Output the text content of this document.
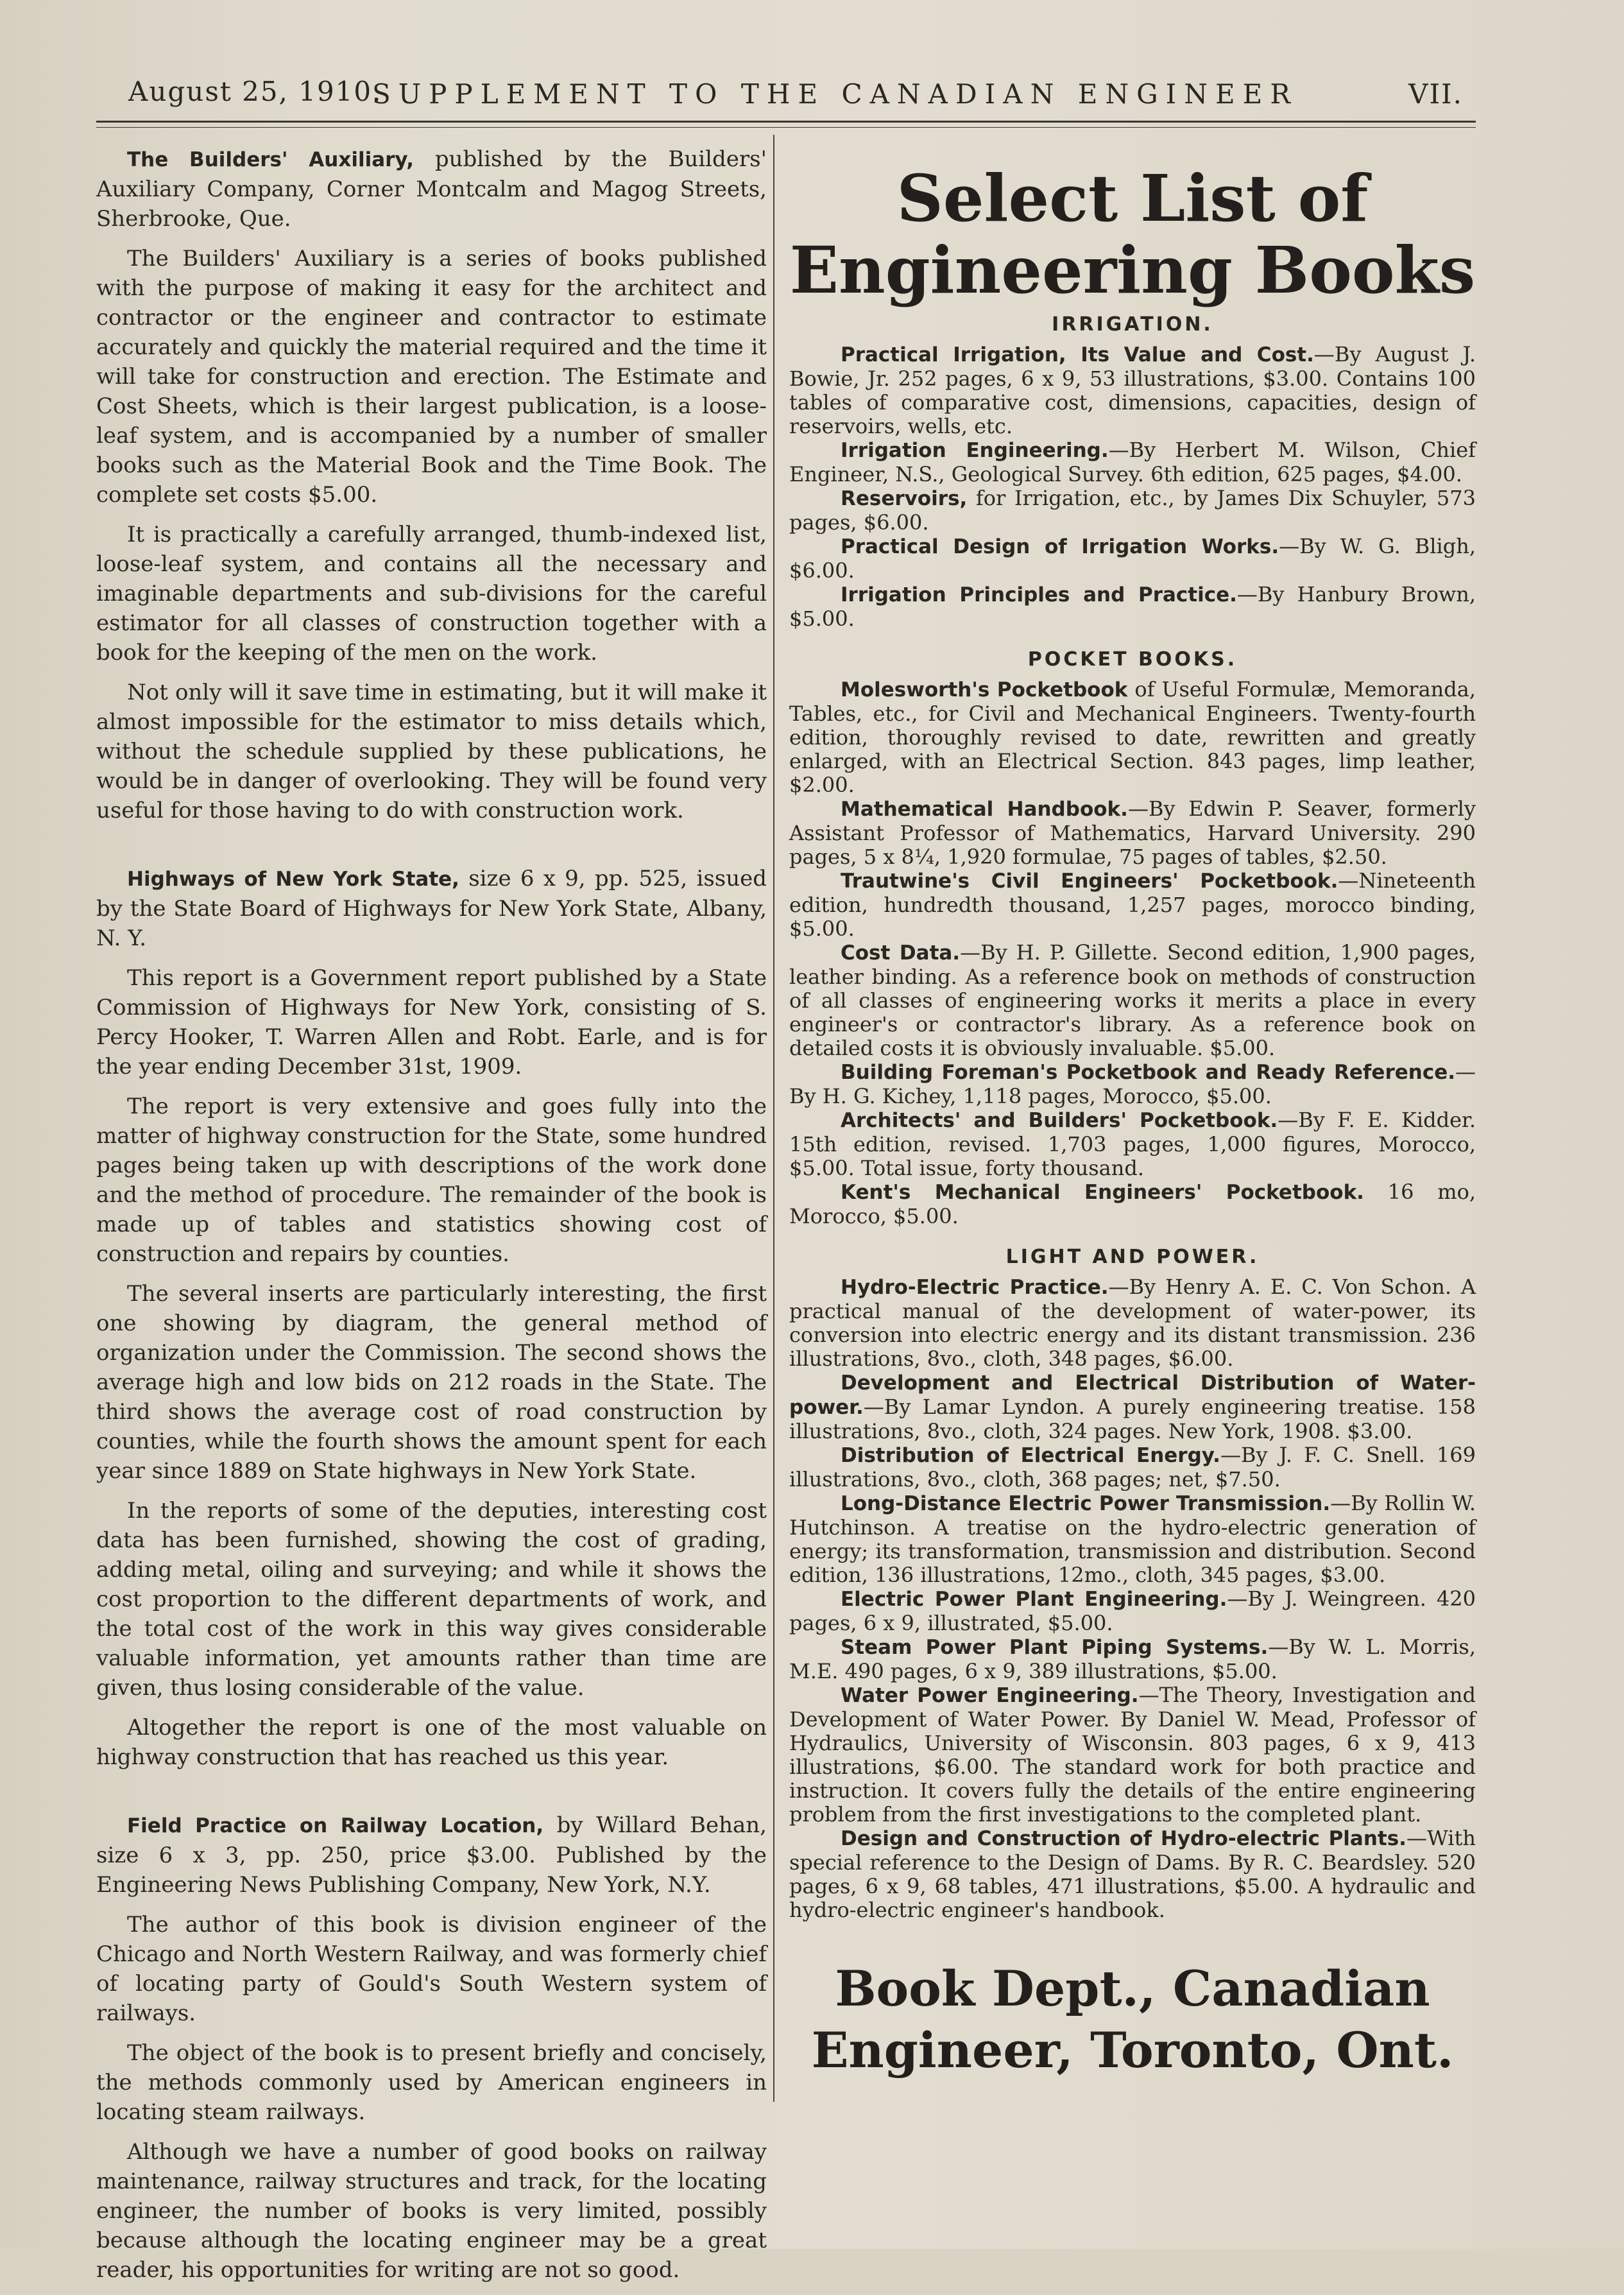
August 25, 1910.
SUPPLEMENT TO THE CANADIAN ENGINEER	VII.

The Builders' Auxiliary, published by the Builders' Auxiliary Company, Corner Montcalm and Magog Streets, Sherbrooke, Que.

The Builders' Auxiliary is a series of books published with the purpose of making it easy for the architect and contractor or the engineer and contractor to estimate accurately and quickly the material required and the time it will take for construction and erection. The Estimate and Cost Sheets, which is their largest publication, is a loose-leaf system, and is accompanied by a number of smaller books such as the Material Book and the Time Book. The complete set costs $5.00.

It is practically a carefully arranged, thumb-indexed list, loose-leaf system, and contains all the necessary and imaginable departments and sub-divisions for the careful estimator for all classes of construction together with a book for the keeping of the men on the work.

Not only will it save time in estimating, but it will make it almost impossible for the estimator to miss details which, without the schedule supplied by these publications, he would be in danger of overlooking. They will be found very useful for those having to do with construction work.

Highways of New York State, size 6 x 9, pp. 525, issued by the State Board of Highways for New York State, Albany, N. Y.

This report is a Government report published by a State Commission of Highways for New York, consisting of S. Percy Hooker, T. Warren Allen and Robt. Earle, and is for the year ending December 31st, 1909.

The report is very extensive and goes fully into the matter of highway construction for the State, some hundred pages being taken up with descriptions of the work done and the method of procedure. The remainder of the book is made up of tables and statistics showing cost of construction and repairs by counties.

The several inserts are particularly interesting, the first one showing by diagram, the general method of organization under the Commission. The second shows the average high and low bids on 212 roads in the State. The third shows the average cost of road construction by counties, while the fourth shows the amount spent for each year since 1889 on State highways in New York State.

In the reports of some of the deputies, interesting cost data has been furnished, showing the cost of grading, adding metal, oiling and surveying; and while it shows the cost proportion to the different departments of work, and the total cost of the work in this way gives considerable valuable information, yet amounts rather than time are given, thus losing considerable of the value.

Altogether the report is one of the most valuable on highway construction that has reached us this year.

Field Practice on Railway Location, by Willard Behan, size 6 x 3, pp. 250, price $3.00. Published by the Engineering News Publishing Company, New York, N.Y.

The author of this book is division engineer of the Chicago and North Western Railway, and was formerly chief of locating party of Gould's South Western system of railways.

The object of the book is to present briefly and concisely, the methods commonly used by American engineers in locating steam railways.

Although we have a number of good books on railway maintenance, railway structures and track, for the locating engineer, the number of books is very limited, possibly because although the locating engineer may be a great reader, his opportunities for writing are not so good.

Select List of
Engineering Books
IRRIGATION.

Practical Irrigation, Its Value and Cost.—By August J. Bowie, Jr. 252 pages, 6 x 9, 53 illustrations, $3.00. Contains 100 tables of comparative cost, dimensions, capacities, design of reservoirs, wells, etc.

Irrigation Engineering.—By Herbert M. Wilson, Chief Engineer, N.S., Geological Survey. 6th edition, 625 pages, $4.00.

Reservoirs, for Irrigation, etc., by James Dix Schuyler, 573 pages, $6.00.

Practical Design of Irrigation Works.—By W. G. Bligh, $6.00.

Irrigation Principles and Practice.—By Hanbury Brown, $5.00.

POCKET BOOKS.

Molesworth's Pocketbook of Useful Formulæ, Memoranda, Tables, etc., for Civil and Mechanical Engineers. Twenty-fourth edition, thoroughly revised to date, rewritten and greatly enlarged, with an Electrical Section. 843 pages, limp leather, $2.00.

Mathematical Handbook.—By Edwin P. Seaver, formerly Assistant Professor of Mathematics, Harvard University. 290 pages, 5 x 8¼, 1,920 formulae, 75 pages of tables, $2.50.

Trautwine's Civil Engineers' Pocketbook.—Nineteenth edition, hundredth thousand, 1,257 pages, morocco binding, $5.00.

Cost Data.—By H. P. Gillette. Second edition, 1,900 pages, leather binding. As a reference book on methods of construction of all classes of engineering works it merits a place in every engineer's or contractor's library. As a reference book on detailed costs it is obviously invaluable. $5.00.

Building Foreman's Pocketbook and Ready Reference.—By H. G. Kichey, 1,118 pages, Morocco, $5.00.

Architects' and Builders' Pocketbook.—By F. E. Kidder. 15th edition, revised. 1,703 pages, 1,000 figures, Morocco, $5.00. Total issue, forty thousand.

Kent's Mechanical Engineers' Pocketbook. 16 mo, Morocco, $5.00.

LIGHT AND POWER.

Hydro-Electric Practice.—By Henry A. E. C. Von Schon. A practical manual of the development of water-power, its conversion into electric energy and its distant transmission. 236 illustrations, 8vo., cloth, 348 pages, $6.00.

Development and Electrical Distribution of Water-power.—By Lamar Lyndon. A purely engineering treatise. 158 illustrations, 8vo., cloth, 324 pages. New York, 1908. $3.00.

Distribution of Electrical Energy.—By J. F. C. Snell. 169 illustrations, 8vo., cloth, 368 pages; net, $7.50.

Long-Distance Electric Power Transmission.—By Rollin W. Hutchinson. A treatise on the hydro-electric generation of energy; its transformation, transmission and distribution. Second edition, 136 illustrations, 12mo., cloth, 345 pages, $3.00.

Electric Power Plant Engineering.—By J. Weingreen. 420 pages, 6 x 9, illustrated, $5.00.

Steam Power Plant Piping Systems.—By W. L. Morris, M.E. 490 pages, 6 x 9, 389 illustrations, $5.00.

Water Power Engineering.—The Theory, Investigation and Development of Water Power. By Daniel W. Mead, Professor of Hydraulics, University of Wisconsin. 803 pages, 6 x 9, 413 illustrations, $6.00. The standard work for both practice and instruction. It covers fully the details of the entire engineering problem from the first investigations to the completed plant.

Design and Construction of Hydro-electric Plants.—With special reference to the Design of Dams. By R. C. Beardsley. 520 pages, 6 x 9, 68 tables, 471 illustrations, $5.00. A hydraulic and hydro-electric engineer's handbook.

Book Dept., Canadian
Engineer, Toronto, Ont.
